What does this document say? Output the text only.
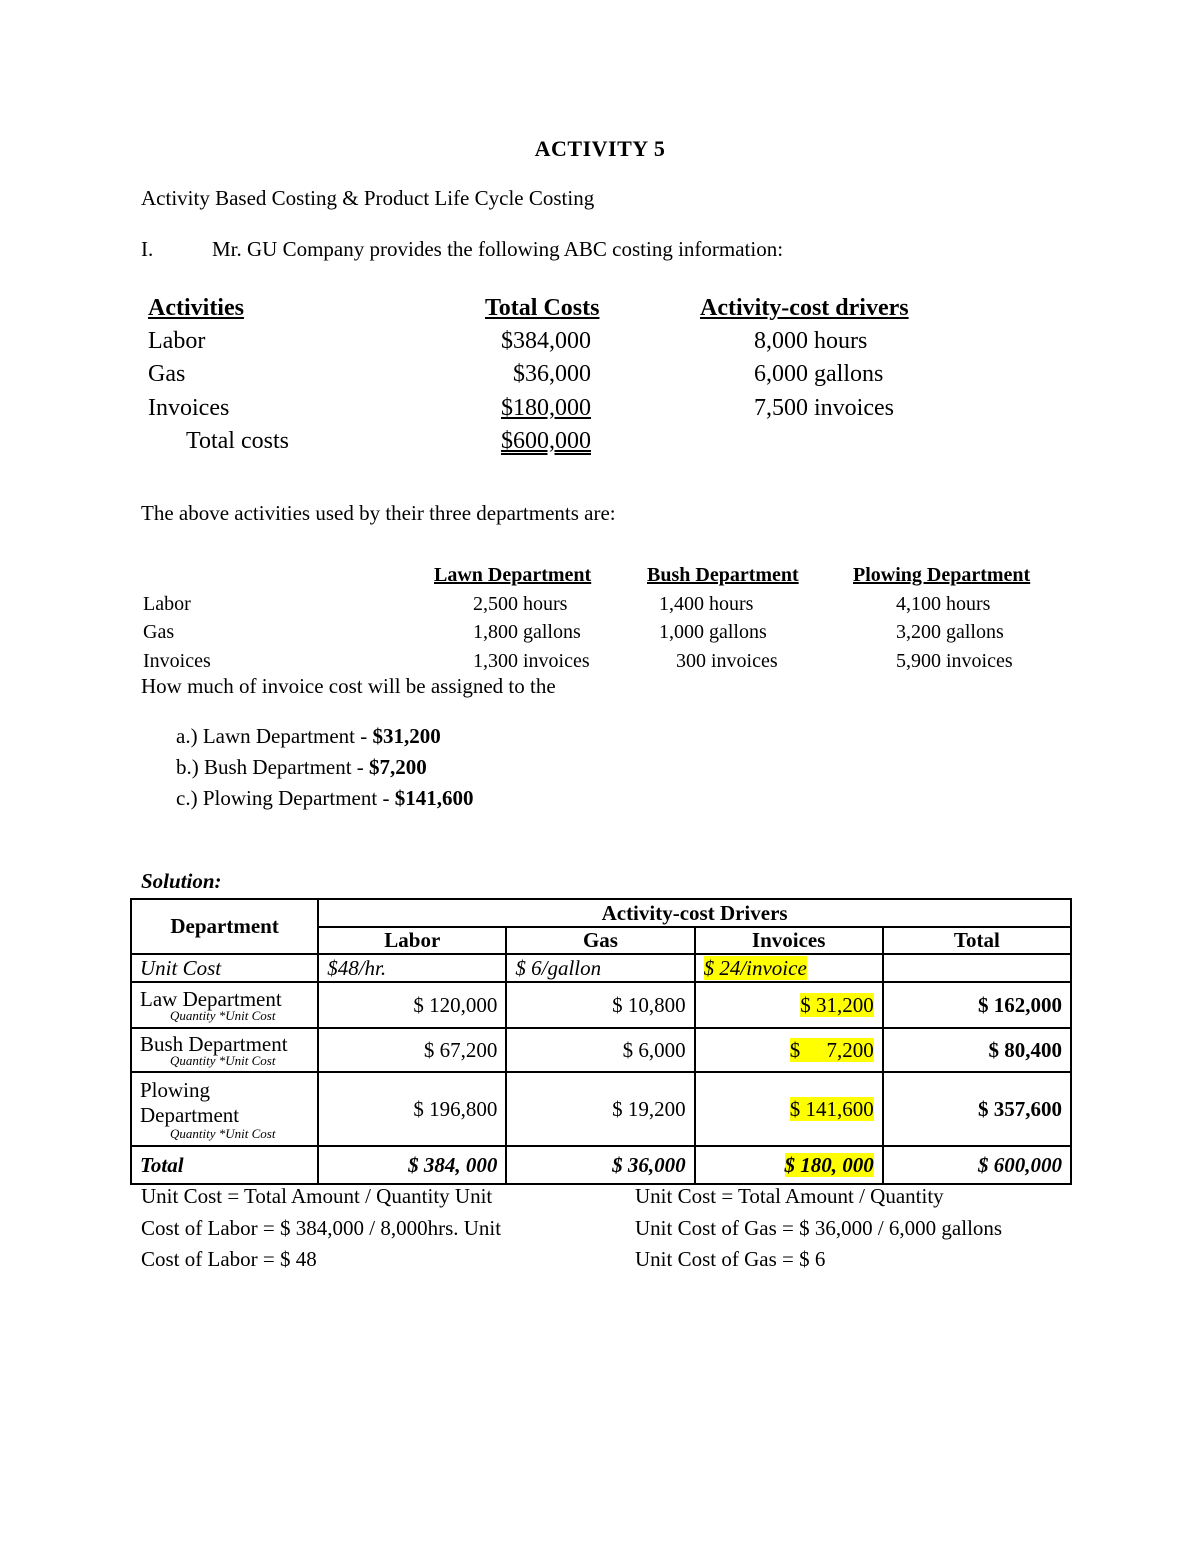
ACTIVITY 5
Activity Based Costing & Product Life Cycle Costing
I.	Mr. GU Company provides the following ABC costing information:
Activities	Total Costs	Activity-cost drivers
Labor	$384,000	8,000 hours
Gas	$36,000	6,000 gallons
Invoices	$180,000	7,500 invoices
Total costs	$600,000
The above activities used by their three departments are:
Lawn Department	Bush Department	Plowing Department
Labor	2,500 hours	1,400 hours	4,100 hours
Gas	1,800 gallons	1,000 gallons	3,200 gallons
Invoices	1,300 invoices	300 invoices	5,900 invoices
How much of invoice cost will be assigned to the
a.) Lawn Department - $31,200
b.) Bush Department - $7,200
c.) Plowing Department - $141,600
Solution:
Department	Activity-cost Drivers			
	Labor	Gas	Invoices	Total
Unit Cost	$48/hr.	$ 6/gallon	$ 24/invoice	
Law Department
Quantity *Unit Cost	$ 120,000	$ 10,800	$ 31,200	$ 162,000
Bush Department
Quantity *Unit Cost	$ 67,200	$ 6,000	$     7,200	$ 80,400

Plowing Department
Quantity *Unit Cost	$ 196,800	$ 19,200	$ 141,600	$ 357,600
Total	$ 384, 000	$ 36,000	$ 180, 000	$ 600,000
Unit Cost = Total Amount / Quantity Unit
Cost of Labor = $ 384,000 / 8,000hrs. Unit
Cost of Labor = $ 48
Unit Cost = Total Amount / Quantity
Unit Cost of Gas = $ 36,000 / 6,000 gallons
Unit Cost of Gas = $ 6
